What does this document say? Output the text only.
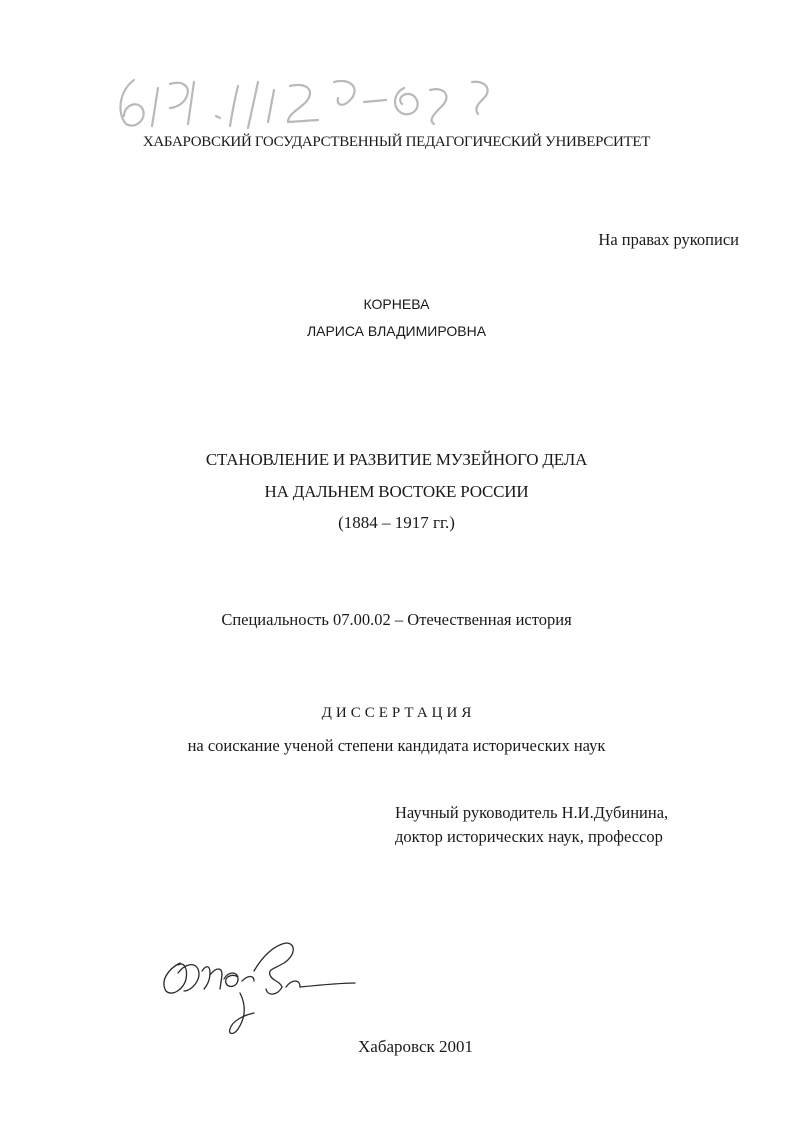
ХАБАРОВСКИЙ ГОСУДАРСТВЕННЫЙ ПЕДАГОГИЧЕСКИЙ УНИВЕРСИТЕТ
На правах рукописи
КОРНЕВА
ЛАРИСА ВЛАДИМИРОВНА
СТАНОВЛЕНИЕ И РАЗВИТИЕ МУЗЕЙНОГО ДЕЛА
НА ДАЛЬНЕМ ВОСТОКЕ РОССИИ
(1884 – 1917 гг.)
Специальность 07.00.02 – Отечественная история
ДИССЕРТАЦИЯ
на соискание ученой степени кандидата исторических наук
Научный руководитель Н.И.Дубинина,
доктор исторических наук, профессор
Хабаровск 2001
